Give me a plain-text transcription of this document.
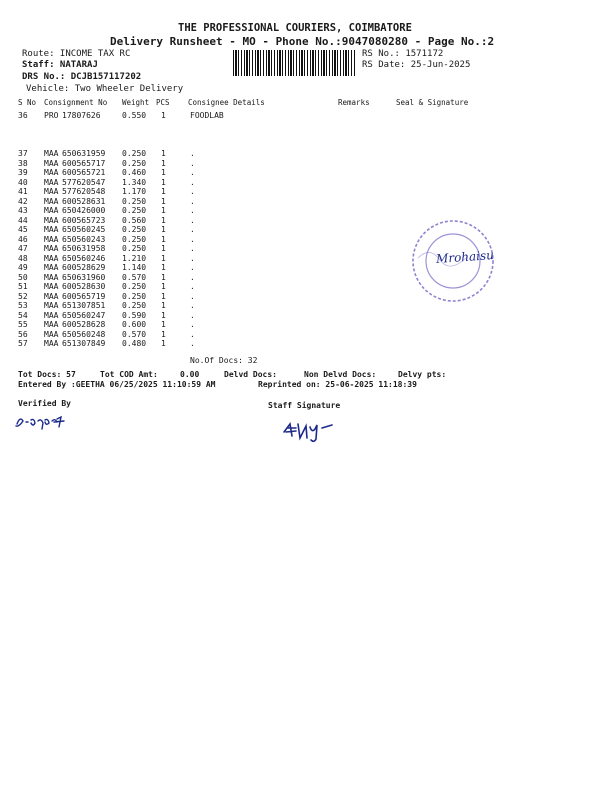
THE PROFESSIONAL COURIERS, COIMBATORE
Delivery Runsheet - MO - Phone No.:9047080280 - Page No.:2
Route: INCOME TAX RC
Staff: NATARAJ
DRS No.: DCJB157117202
Vehicle: Two Wheeler Delivery
RS No.: 1571172
RS Date: 25-Jun-2025
S No Consignment No Weight PCS Consignee Details	Remarks	Seal & Signature
36 PRO 17807626	0.550 1	FOODLAB
37 MAA 650631959 0.250 1	.
38 MAA 600565717 0.250 1	.
39 MAA 600565721 0.460 1	.
40 MAA 577620547 1.340 1	.
41 MAA 577620548 1.170 1	.
42 MAA 600528631 0.250 1	.
43 MAA 650426000 0.250 1	.
44 MAA 600565723 0.560 1	.
45 MAA 650560245 0.250 1	.
46 MAA 650560243 0.250 1	.
47 MAA 650631958 0.250 1	.
48 MAA 650560246 1.210 1	.
49 MAA 600528629 1.140 1	.
50 MAA 650631960 0.570 1	.
51 MAA 600528630 0.250 1	.
52 MAA 600565719 0.250 1	.
53 MAA 651307851 0.250 1	.
54 MAA 650560247 0.590 1	.
55 MAA 600528628 0.600 1	.
56 MAA 650560248 0.570 1	.
57 MAA 651307849 0.480 1	.
No.Of Docs: 32
Mrohaisu
Tot Docs: 57	Tot COD Amt:	0.00	Delvd Docs:	Non Delvd Docs:	Delvy pts:
Entered By :GEETHA 06/25/2025 11:10:59 AM	Reprinted on: 25-06-2025 11:18:39
Verified By	Staff Signature
